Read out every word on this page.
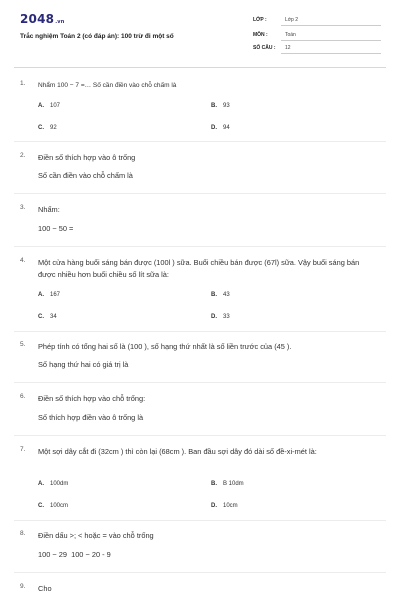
2048.vn
Trắc nghiệm Toán 2 (có đáp án): 100 trừ đi một số
LỚP :	Lớp 2
MÔN :	Toán
SỐ CÂU : 12
1. Nhẩm 100 − 7 =… Số cần điền vào chỗ chấm là
A. 107	B. 93
C. 92	D. 94
2. Điền số thích hợp vào ô trống
Số cần điền vào chỗ chấm là
3. Nhẩm:
100 − 50 =
4. Một cửa hàng buổi sáng bán được (100l ) sữa. Buổi chiều bán được (67l) sữa. Vậy buổi sáng bán được nhiều hơn buổi chiều số lít sữa là:
A. 167	B. 43
C. 34	D. 33
5. Phép tính có tổng hai số là (100 ), số hạng thứ nhất là số liền trước của (45 ).
Số hạng thứ hai có giá trị là
6. Điền số thích hợp vào chỗ trống:
Số thích hợp điền vào ô trống là
7. Một sợi dây cắt đi (32cm ) thì còn lại (68cm ). Ban đầu sợi dây đó dài số đề-xi-mét là:
A. 100dm	B. B 10dm
C. 100cm	D. 10cm
8. Điền dấu >; < hoặc = vào chỗ trống
100 − 29  100 − 20 - 9
9. Cho
